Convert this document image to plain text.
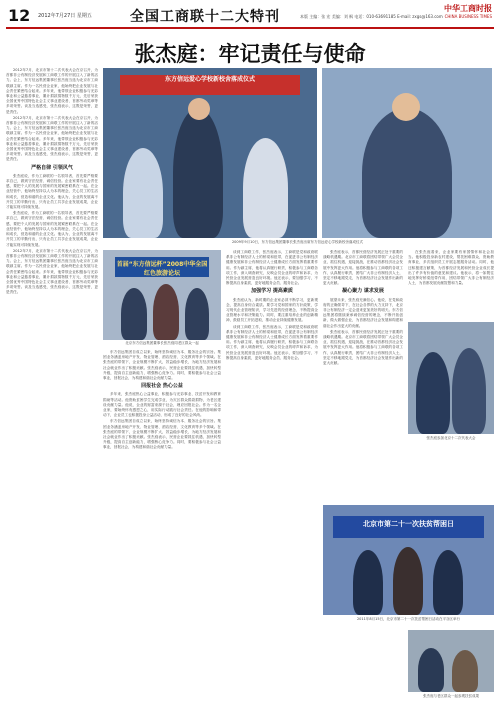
12 2012年7月27日 星期五	全国工商联十二大特刊	本版 主编：张 宏 美编：刘 枫 电话：010-63691185 E-mail: zxgs@163.com
中华工商时报
CHINA BUSINESS TIMES
张杰庭：牢记责任与使命
东方信远爱心学校新校舍落成仪式
2009年9月10日，东方信远集团董事长张杰庭出席东方信远爱心学校新校舍落成仪式

2012年7月，北京市第十二次代表大会在京召开，为首都非公有制经济发展和工商联工作的开展注入了新的活力。会上，东方信远集团董事长张杰庭当选为北京市工商联副主席。作为一名民营企业家，他始终把企业发展与社会责任紧密结合起来。多年来，他带领企业积极参与光彩事业和公益慈善事业，累计捐款捐物数千万元，先后荣获全国优秀中国特色社会主义事业建设者、首都劳动奖章等多项荣誉。谈及当选感受，张杰庭表示，这既是荣誉，更是责任。

2012年7月，北京市第十二次代表大会在京召开，为首都非公有制经济发展和工商联工作的开展注入了新的活力。会上，东方信远集团董事长张杰庭当选为北京市工商联副主席。作为一名民营企业家，他始终把企业发展与社会责任紧密结合起来。多年来，他带领企业积极参与光彩事业和公益慈善事业，累计捐款捐物数千万元，先后荣获全国优秀中国特色社会主义事业建设者、首都劳动奖章等多项荣誉。谈及当选感受，张杰庭表示，这既是荣誉，更是责任。

严格自律 引领风气

张杰庭说，作为工商联的一名领导者，首先要严格要求自己，做到守法经营、诚信经营。企业家要有社会责任感，要把个人的发展与国家的发展紧密联系在一起。在企业经营中，他始终坚持以人为本的理念，关心员工的生活和成长，营造和谐的企业文化。他认为，企业的发展离不开员工的辛勤付出，只有让员工共享企业发展成果，企业才能实现可持续发展。

张杰庭说，作为工商联的一名领导者，首先要严格要求自己，做到守法经营、诚信经营。企业家要有社会责任感，要把个人的发展与国家的发展紧密联系在一起。在企业经营中，他始终坚持以人为本的理念，关心员工的生活和成长，营造和谐的企业文化。他认为，企业的发展离不开员工的辛勤付出，只有让员工共享企业发展成果，企业才能实现可持续发展。

2012年7月，北京市第十二次代表大会在京召开，为首都非公有制经济发展和工商联工作的开展注入了新的活力。会上，东方信远集团董事长张杰庭当选为北京市工商联副主席。作为一名民营企业家，他始终把企业发展与社会责任紧密结合起来。多年来，他带领企业积极参与光彩事业和公益慈善事业，累计捐款捐物数千万元，先后荣获全国优秀中国特色社会主义事业建设者、首都劳动奖章等多项荣誉。谈及当选感受，张杰庭表示，这既是荣誉，更是责任。

首届“东方信远杯”2008中华全国红色旅游论坛
北京东方信远集团董事长张杰庭同老区群众一起

东方信远集团自成立以来，始终坚持诚信为本、服务社会的宗旨。集团业务涵盖房地产开发、物业管理、酒店经营、文化教育等多个领域。在张杰庭的带领下，企业规模不断扩大，效益稳步增长，为地方经济发展和社会就业作出了积极贡献。张杰庭表示，民营企业要抓住机遇，加快转型升级，提高自主创新能力，增强核心竞争力。同时，要积极参与社会公益事业，回报社会，为构建和谐社会贡献力量。

回报社会 热心公益

多年来，张杰庭热心公益事业，积极参与光彩事业、扶贫开发和教育捐助等活动。他资助贫困学生完成学业，为灾区群众捐款捐物，为老区建设贡献力量。他说，企业的财富来源于社会，理应回报社会。作为一名企业家，要始终怀有感恩之心，用实际行动践行社会责任。在他的影响和带动下，企业员工也积极投身公益活动，形成了良好的社会风尚。

东方信远集团自成立以来，始终坚持诚信为本、服务社会的宗旨。集团业务涵盖房地产开发、物业管理、酒店经营、文化教育等多个领域。在张杰庭的带领下，企业规模不断扩大，效益稳步增长，为地方经济发展和社会就业作出了积极贡献。张杰庭表示，民营企业要抓住机遇，加快转型升级，提高自主创新能力，增强核心竞争力。同时，要积极参与社会公益事业，回报社会，为构建和谐社会贡献力量。

谈到工商联工作，张杰庭表示，工商联是党和政府联系非公有制经济人士的桥梁和纽带，在促进非公有制经济健康发展和非公有制经济人士健康成长方面发挥着重要作用。作为副主席，他将认真履行职责，积极参与工商联各项工作，深入调查研究，反映会员企业的呼声和诉求，为民营企业发展营造良好环境。他还表示，要加强学习，不断提高自身素质，更好地服务会员、服务社会。

加强学习 提高素质

张杰庭认为，新时期的企业家必须不断学习，更新观念，提高自身综合素质。要学习党和国家的方针政策，学习现代企业管理知识，学习先进的经营理念，不断提高企业管理水平和决策能力。同时，要注重培养企业的创新精神，鼓励员工开拓进取，推动企业持续健康发展。

谈到工商联工作，张杰庭表示，工商联是党和政府联系非公有制经济人士的桥梁和纽带，在促进非公有制经济健康发展和非公有制经济人士健康成长方面发挥着重要作用。作为副主席，他将认真履行职责，积极参与工商联各项工作，深入调查研究，反映会员企业的呼声和诉求，为民营企业发展营造良好环境。他还表示，要加强学习，不断提高自身素质，更好地服务会员、服务社会。

张杰庭表示，首都民营经济发展正处于重要的战略机遇期。北京市工商联将团结带领广大会员企业，抓住机遇，迎接挑战，在推动首都经济社会发展中发挥更大作用。他将积极参与工商联的各项工作，认真履行职责，团结广大非公有制经济人士，坚定不移地跟党走，为首都经济社会发展作出新的更大贡献。

凝心聚力 谋求发展

展望未来，张杰庭充满信心。他说，在党和政府的正确领导下，在社会各界的大力支持下，北京非公有制经济一定会迎来更加美好的明天。东方信远集团将继续秉承诚信经营的理念，不断开拓创新，做大做强企业，为首都经济社会发展和构建和谐社会作出更大的贡献。

张杰庭表示，首都民营经济发展正处于重要的战略机遇期。北京市工商联将团结带领广大会员企业，抓住机遇，迎接挑战，在推动首都经济社会发展中发挥更大作用。他将积极参与工商联的各项工作，认真履行职责，团结广大非公有制经济人士，坚定不移地跟党走，为首都经济社会发展作出新的更大贡献。

在张杰庭看来，企业家要有家国情怀和社会担当。他积极投身新农村建设，帮扶困难群众，资助教育事业，多次组织员工开展志愿服务活动。同时，他还积极建言献策，为首都经济发展和民营企业成长提出了许多有价值的意见和建议。他表示，将一如既往地发挥好桥梁纽带作用，团结带领广大非公有制经济人士，为首都发展贡献智慧和力量。

张杰庭参加北京十二次代表大会
北京市第二十一次扶贫帮困日
2011年8月15日，北京市第二十一次扶贫帮困日活动在平谷区举行
张杰庭与老区群众一起参观扶贫成果
